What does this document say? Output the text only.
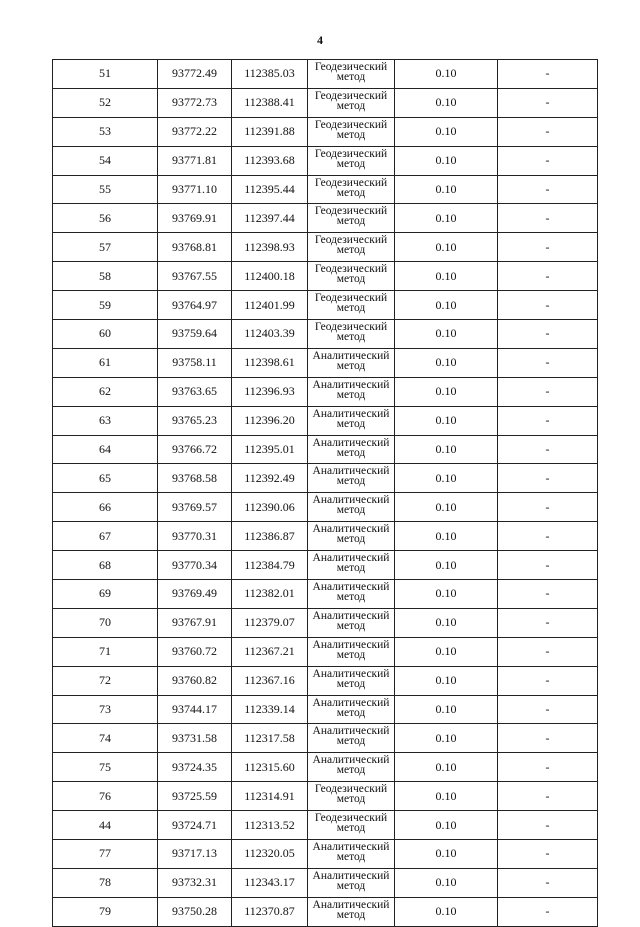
4
51	93772.49	112385.03	Геодезический
метод	0.10	-
52	93772.73	112388.41	Геодезический
метод	0.10	-
53	93772.22	112391.88	Геодезический
метод	0.10	-
54	93771.81	112393.68	Геодезический
метод	0.10	-
55	93771.10	112395.44	Геодезический
метод	0.10	-
56	93769.91	112397.44	Геодезический
метод	0.10	-
57	93768.81	112398.93	Геодезический
метод	0.10	-
58	93767.55	112400.18	Геодезический
метод	0.10	-
59	93764.97	112401.99	Геодезический
метод	0.10	-
60	93759.64	112403.39	Геодезический
метод	0.10	-
61	93758.11	112398.61	Аналитический
метод	0.10	-
62	93763.65	112396.93	Аналитический
метод	0.10	-
63	93765.23	112396.20	Аналитический
метод	0.10	-
64	93766.72	112395.01	Аналитический
метод	0.10	-
65	93768.58	112392.49	Аналитический
метод	0.10	-
66	93769.57	112390.06	Аналитический
метод	0.10	-
67	93770.31	112386.87	Аналитический
метод	0.10	-
68	93770.34	112384.79	Аналитический
метод	0.10	-
69	93769.49	112382.01	Аналитический
метод	0.10	-
70	93767.91	112379.07	Аналитический
метод	0.10	-
71	93760.72	112367.21	Аналитический
метод	0.10	-
72	93760.82	112367.16	Аналитический
метод	0.10	-
73	93744.17	112339.14	Аналитический
метод	0.10	-
74	93731.58	112317.58	Аналитический
метод	0.10	-
75	93724.35	112315.60	Аналитический
метод	0.10	-
76	93725.59	112314.91	Геодезический
метод	0.10	-
44	93724.71	112313.52	Геодезический
метод	0.10	-
77	93717.13	112320.05	Аналитический
метод	0.10	-
78	93732.31	112343.17	Аналитический
метод	0.10	-
79	93750.28	112370.87	Аналитический
метод	0.10	-
